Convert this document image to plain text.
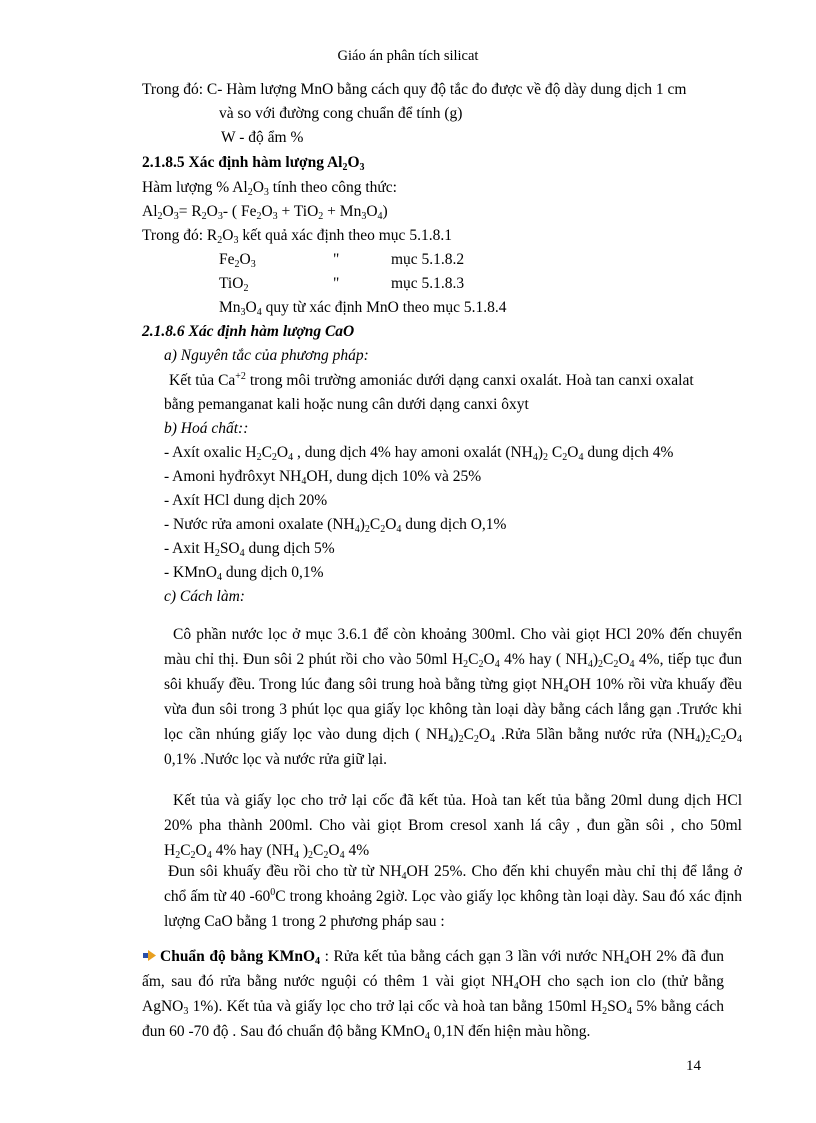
Giáo án phân tích silicat
Trong đó: C- Hàm lượng MnO bằng cách quy độ tắc đo được về độ dày dung dịch 1 cm
và so với đường cong chuẩn để tính (g)
W - độ ẩm %
2.1.8.5 Xác định hàm lượng $Al_2O_3$
Hàm lượng % $Al_2O_3$ tính theo công thức:
$Al_2O_3= R_2O_3-$ ( $Fe_2O_3 + TiO_2 + Mn_3O_4$)
Trong đó: $R_2O_3$ kết quả xác định theo mục 5.1.8.1
$Fe_2O_3$	"	mục 5.1.8.2
TiO$_2$	"	mục 5.1.8.3
$Mn_3O_4$ quy từ xác định MnO theo mục 5.1.8.4
2.1.8.6 Xác định hàm lượng CaO
a) Nguyên tắc của phương pháp:
Kết tủa $Ca^{+2}$ trong môi trường amoniác dưới dạng canxi oxalát. Hoà tan canxi oxalat
bằng pemanganat kali hoặc nung cân dưới dạng canxi ôxyt
b) Hoá chất::
- Axít oxalic $H_2C_2O_4$ , dung dịch 4% hay amoni oxalát $(NH_4)_2$ $C_2O_4$ dung dịch 4%
- Amoni hyđrôxyt $NH_4OH$, dung dịch 10% và 25%
- Axít HCl dung dịch 20%
- Nước rửa amoni oxalate $(NH_4)_2C_2O_4$ dung dịch O,1%
- Axit $H_2SO_4$ dung dịch 5%
- KMnO$_4$ dung dịch 0,1%
c) Cách làm:
Cô phần nước lọc ở mục 3.6.1 để còn khoảng 300ml. Cho vài giọt HCl 20% đến chuyển màu chỉ thị. Đun sôi 2 phút rồi cho vào 50ml $H_2C_2O_4$ 4% hay ( $NH_4)_2C_2O_4$ 4%, tiếp tục đun sôi khuấy đều. Trong lúc đang sôi trung hoà bằng từng giọt $NH_4OH$ 10% rồi vừa khuấy đều vừa đun sôi trong 3 phút lọc qua giấy lọc không tàn loại dày bằng cách lắng gạn .Trước khi lọc cần nhúng giấy lọc vào dung dịch ( $NH_4)_2C_2O_4$ .Rửa 5lần bằng nước rửa $(NH_4)_2C_2O_4$ 0,1% .Nước lọc và nước rửa giữ lại.
Kết tủa và giấy lọc cho trở lại cốc đã kết tủa. Hoà tan kết tủa bằng 20ml dung dịch HCl 20% pha thành 200ml. Cho vài giọt Brom cresol xanh lá cây , đun gần sôi , cho 50ml $H_2C_2O_4$ 4% hay ($NH_4$ )$_2C_2O_4$ 4%
Đun sôi khuấy đều rồi cho từ từ $NH_4OH$ 25%. Cho đến khi chuyển màu chỉ thị để lắng ở chổ ấm từ 40 $-60^0C$ trong khoảng 2giờ. Lọc vào giấy lọc không tàn loại dày. Sau đó xác định lượng CaO bằng 1 trong 2 phương pháp sau :
Chuẩn độ bằng KMnO$_4$ : Rửa kết tủa bằng cách gạn 3 lần với nước $NH_4OH$ 2% đã đun ấm, sau đó rửa bằng nước nguội có thêm 1 vài giọt $NH_4OH$ cho sạch ion clo (thử bằng AgNO$_3$ 1%). Kết tủa và giấy lọc cho trở lại cốc và hoà tan bằng 150ml $H_2SO_4$ 5% bằng cách đun 60 -70 độ . Sau đó chuẩn độ bằng KMnO$_4$ 0,1N đến hiện màu hồng.
14
